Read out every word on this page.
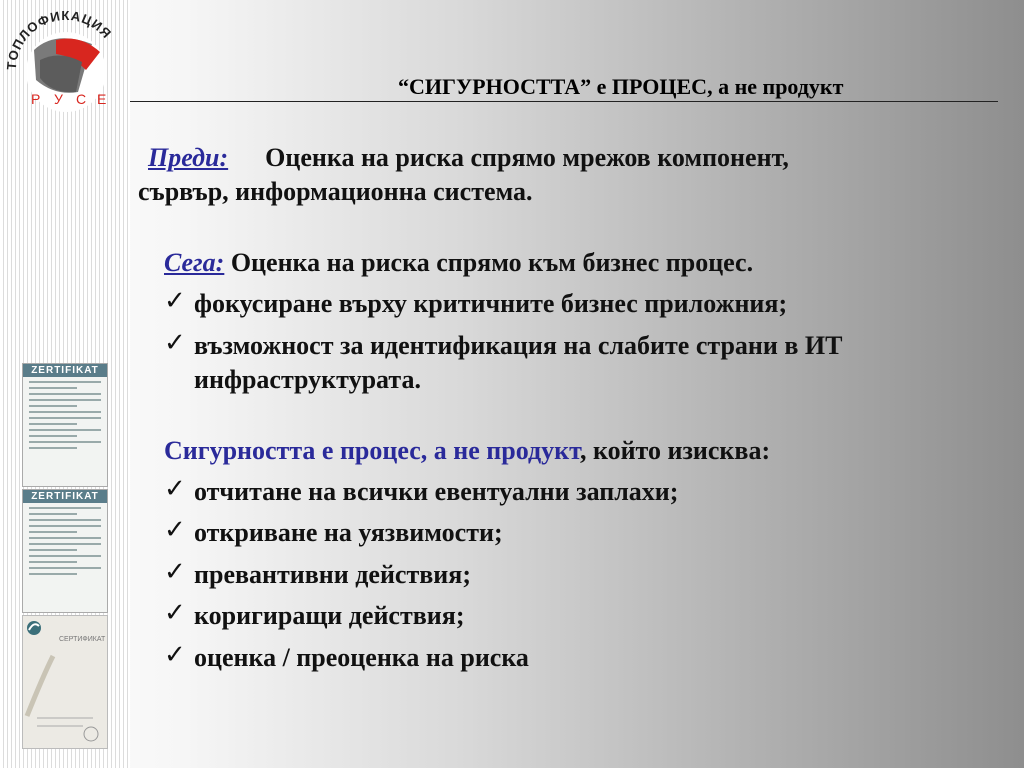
ТОПЛОФИКАЦИЯ
Р У С Е
ZERTIFIKAT
ZERTIFIKAT
СЕРТИФИКАТ
“СИГУРНОСТТА” е ПРОЦЕС, а не продукт
Преди: Оценка на риска спрямо мрежов компонент,
сървър, информационна система.
Сега: Оценка на риска спрямо към бизнес процес.
✓ фокусиране върху критичните бизнес приложния;
✓ възможност за идентификация на слабите страни в ИТ
инфраструктурата.
Сигурността е процес, а не продукт, който изисква:
✓ отчитане на всички евентуални заплахи;
✓ откриване на уязвимости;
✓ превантивни действия;
✓ коригиращи действия;
✓ оценка / преоценка на риска
